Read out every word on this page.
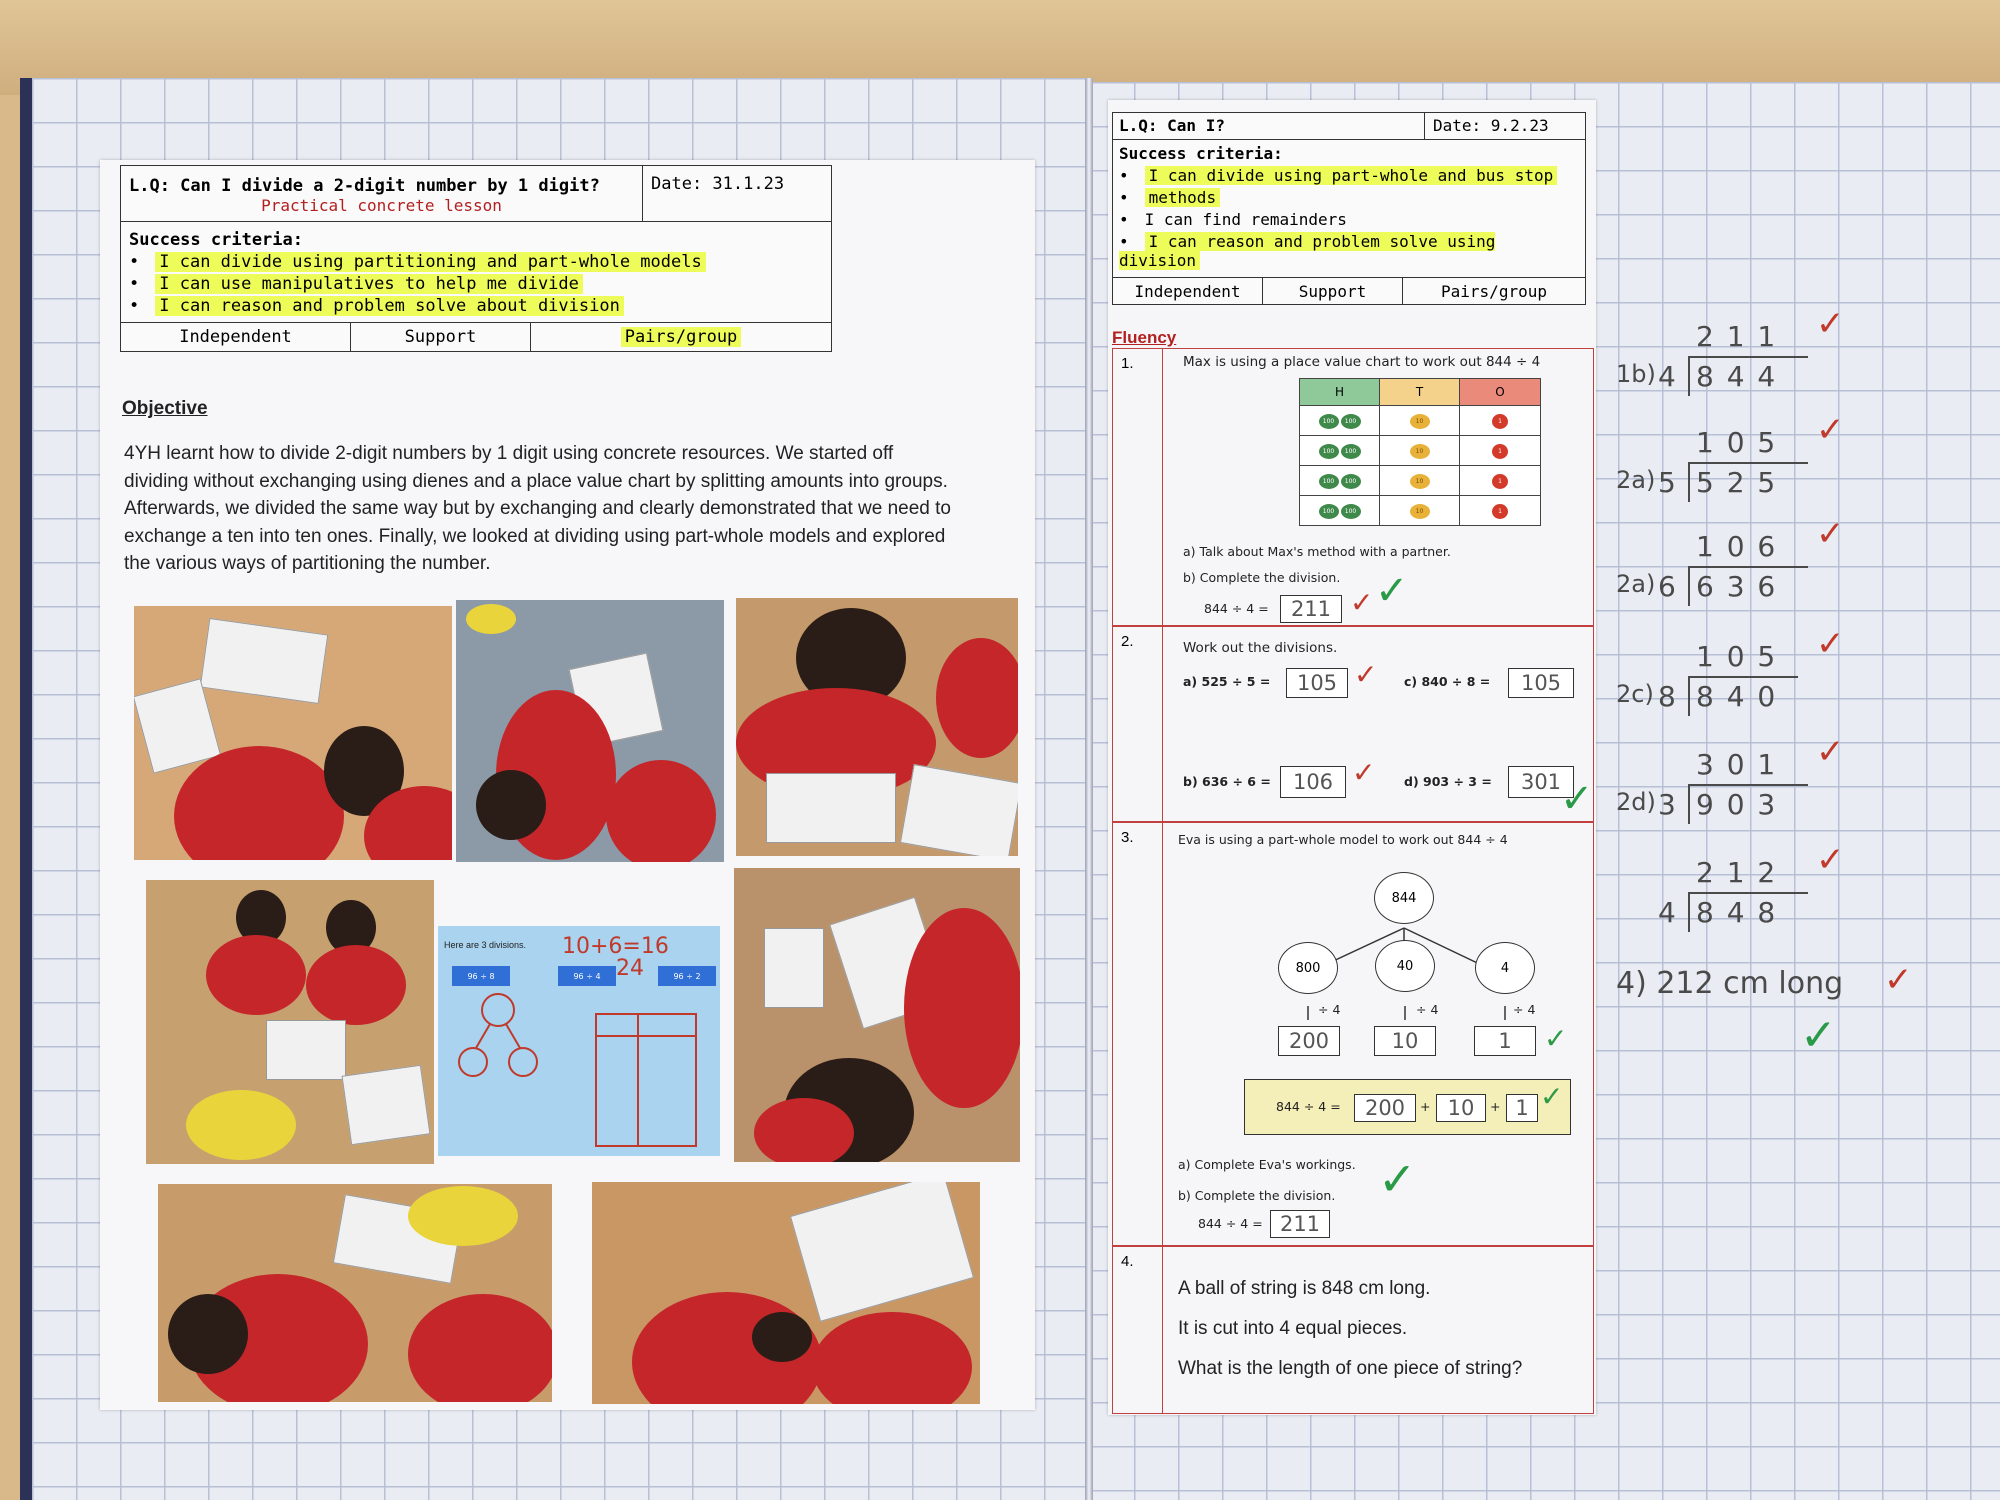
L.Q: Can I divide a 2-digit number by 1 digit?
Practical concrete lesson
Date: 31.1.23
Success criteria:
• I can divide using partitioning and part-whole models
• I can use manipulatives to help me divide
• I can reason and problem solve about division
Independent	Support	Pairs/group
Objective
4YH learnt how to divide 2-digit numbers by 1 digit using concrete resources. We started off dividing without exchanging using dienes and a place value chart by splitting amounts into groups. Afterwards, we divided the same way but by exchanging and clearly demonstrated that we need to exchange a ten into ten ones. Finally, we looked at dividing using part-whole models and explored the various ways of partitioning the number.
Here are 3 divisions.
96 ÷ 8	96 ÷ 4	96 ÷ 2
10+6=16
24
L.Q: Can I?	Date: 9.2.23
Success criteria:
• I can divide using part-whole and bus stop
• methods
• I can find remainders
• I can reason and problem solve using division
Independent	Support	Pairs/group
Fluency
1.	Max is using a place value chart to work out 844 ÷ 4
H	T	O
100 100	10	1
100 100	10	1
100 100	10	1
100 100	10	1
a) Talk about Max's method with a partner.
b) Complete the division.
844 ÷ 4 =	211 ✓ ✓
2.	Work out the divisions.
a) 525 ÷ 5 =	105 ✓ c) 840 ÷ 8 =	105
b) 636 ÷ 6 =	106 ✓ d) 903 ÷ 3 =	301
✓
3.	Eva is using a part-whole model to work out 844 ÷ 4
844
800	40	4
÷ 4	÷ 4	÷ 4
200	10	1	✓
844 ÷ 4 =	200	+ 10	+ 1 ✓
a) Complete Eva's workings.
b) Complete the division.
844 ÷ 4 = 211
✓
4.
A ball of string is 848 cm long.
It is cut into 4 equal pieces.
What is the length of one piece of string?
2 1 1
1b) 4 8 4 4
✓
1 0 5
2a) 5 5 2 5
✓
1 0 6
2a) 6 6 3 6
✓
1 0 5
2c) 8 8 4 0
✓
3 0 1
2d) 3 9 0 3
✓
2 1 2
4 8 4 8
✓
4) 212 cm long ✓
✓
